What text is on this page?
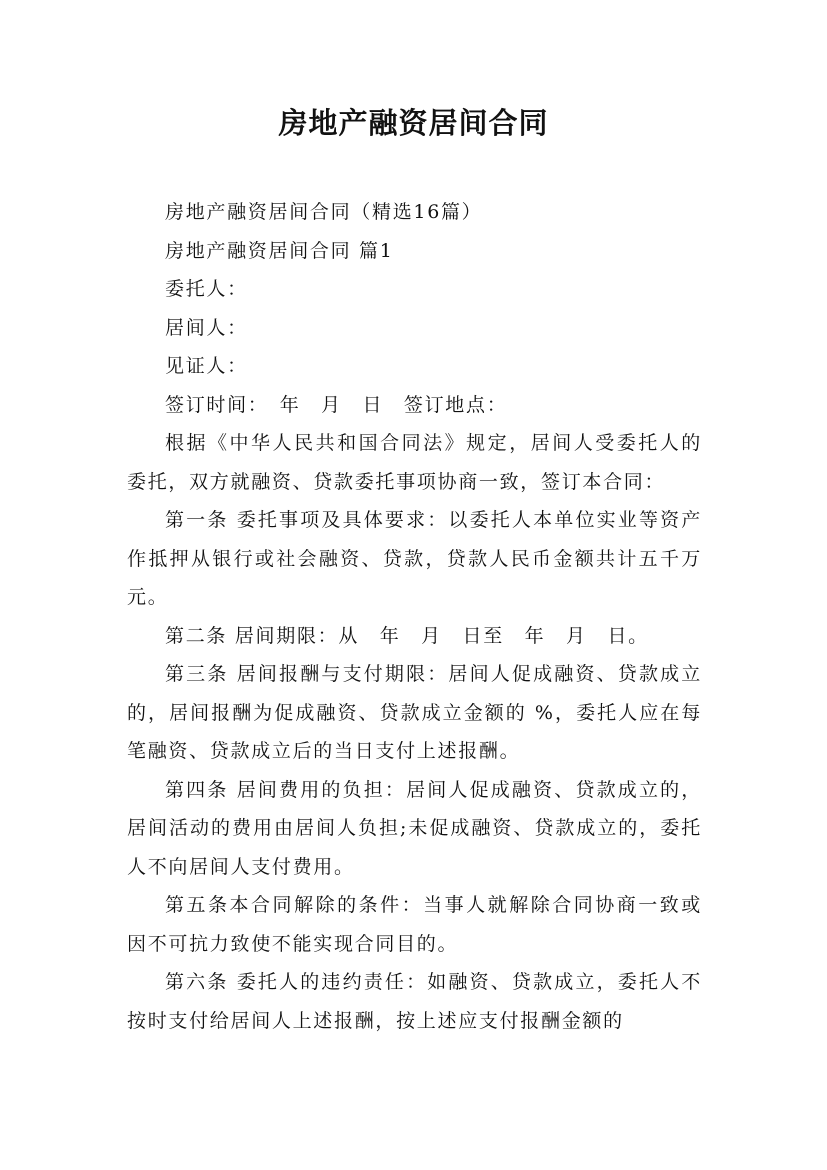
房地产融资居间合同

房地产融资居间合同（精选16篇）

房地产融资居间合同 篇1

委托人：

居间人：

见证人：

签订时间：　年　月　日　签订地点：

根据《中华人民共和国合同法》规定，居间人受委托人的委托，双方就融资、贷款委托事项协商一致，签订本合同：

第一条 委托事项及具体要求：以委托人本单位实业等资产作抵押从银行或社会融资、贷款，贷款人民币金额共计五千万元。

第二条 居间期限：从　年　月　日至　年　月　日。

第三条 居间报酬与支付期限：居间人促成融资、贷款成立的，居间报酬为促成融资、贷款成立金额的 %，委托人应在每笔融资、贷款成立后的当日支付上述报酬。

第四条 居间费用的负担：居间人促成融资、贷款成立的，居间活动的费用由居间人负担;未促成融资、贷款成立的，委托人不向居间人支付费用。

第五条本合同解除的条件：当事人就解除合同协商一致或因不可抗力致使不能实现合同目的。

第六条 委托人的违约责任：如融资、贷款成立，委托人不按时支付给居间人上述报酬，按上述应支付报酬金额的
